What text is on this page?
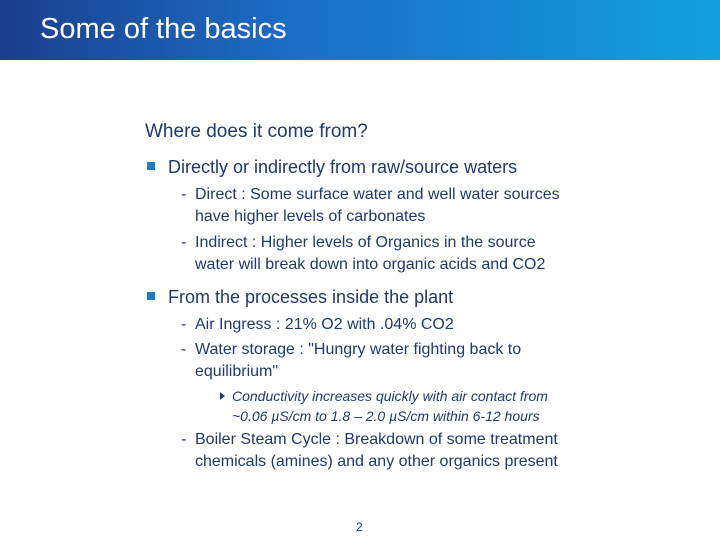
Some of the basics
Where does it come from?
Directly or indirectly from raw/source waters
- Direct : Some surface water and well water sources
have higher levels of carbonates
- Indirect : Higher levels of Organics in the source
water will break down into organic acids and CO2
From the processes inside the plant
- Air Ingress : 21% O2 with .04% CO2
- Water storage : "Hungry water fighting back to
equilibrium"
Conductivity increases quickly with air contact from
~0.06 µS/cm to 1.8 – 2.0 µS/cm within 6-12 hours
- Boiler Steam Cycle : Breakdown of some treatment
chemicals (amines) and any other organics present
2
